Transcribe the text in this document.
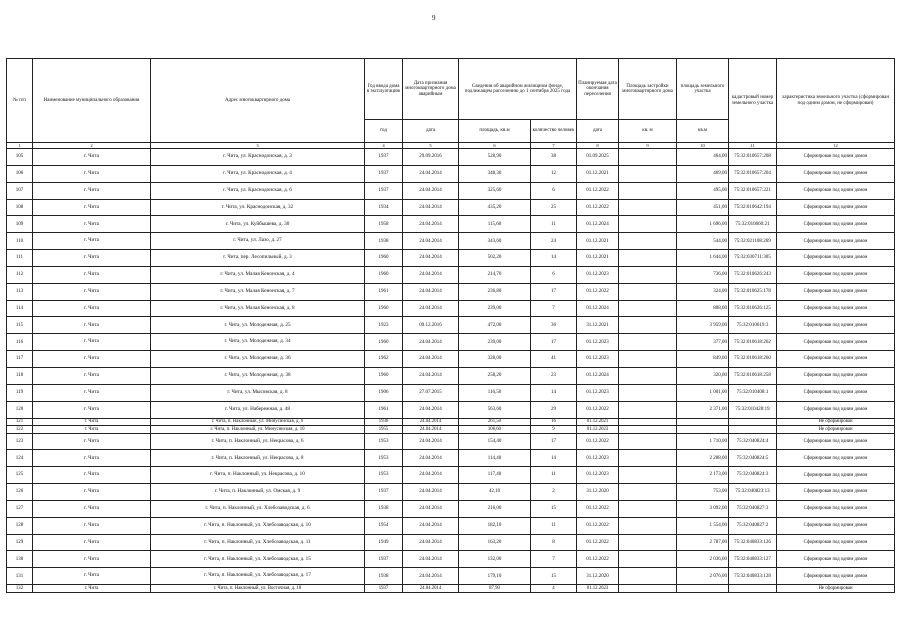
9
№ п/п	Наименование муниципального образования	Адрес многоквартирного дома	Год ввода дома в эксплуатацию	Дата признания многоквартирного дома аварийным	Сведения об аварийном жилищном фонде, подлежащем расселению до 1 сентября 2025 года		Планируемая дата окончания переселения	Площадь застройки многоквартирного дома	площадь земельного участка	кадастровый номер земельного участка	характеристика земельного участка (сформирован под одним домом, не сформирован)
			год	дата	площадь, кв.м	количество человек	дата	кв. м	кв.м		
1	2	3	4	5	6	7	8	9	10	11	12
105	г. Чита	г. Чита, ул. Краснодонская, д. 3	1937	29.09.2016	528,90	38	01.09.2025		464,00	75:32:010657:208	Сформирован под одним домом
106	г. Чита	г. Чита, ул. Краснодонская, д. 4	1937	24.04.2014	348,30	12	01.12.2021		469,00	75:32:010657:204	Сформирован под одним домом
107	г. Чита	г. Чита, ул. Краснодонская, д. 6	1937	24.04.2014	325,60	6	01.12.2022		495,00	75:32:010657:221	Сформирован под одним домом
108	г. Чита	г. Чита, ул. Краснодонская, д. 32	1934	24.04.2014	435,20	25	01.12.2022		451,00	75:32:010642:194	Сформирован под одним домом
109	г. Чита	г. Чита, ул. Куйбышева, д. 30	1958	24.04.2014	115,60	11	01.12.2024		1 696,00	75:32:010660:21	Сформирован под одним домом
110	г. Чита	г. Чита, ул. Лазо, д. 27	1938	24.04.2014	343,60	24	01.12.2021		544,00	75:32:021108:269	Сформирован под одним домом
111	г. Чита	г. Чита, пер. Лесопильный, д. 3	1960	24.04.2014	502,20	14	01.12.2021		1 644,00	75:32:030711:305	Сформирован под одним домом
112	г. Чита	г. Чита, ул. Малая Кенонская, д. 4	1960	24.04.2014	214,70	6	01.12.2023		736,00	75:32:010626:243	Сформирован под одним домом
113	г. Чита	г. Чита, ул. Малая Кенонская, д. 7	1961	24.04.2014	236,80	17	01.12.2022		324,00	75:32:010625:178	Сформирован под одним домом
114	г. Чита	г. Чита, ул. Малая Кенонская, д. 8	1960	24.04.2014	239,00	7	01.12.2024		808,00	75:32:010626:125	Сформирован под одним домом
115	г. Чита	г. Чита, ул. Молодежная, д. 25	1923	09.12.2016	472,00	36	31.12.2021		3 959,00	75:32:010619:3	Сформирован под одним домом
116	г. Чита	г. Чита, ул. Молодежная, д. 34	1960	24.04.2014	239,00	17	01.12.2023		377,00	75:32:010618:262	Сформирован под одним домом
117	г. Чита	г. Чита, ул. Молодежная, д. 36	1962	24.04.2014	328,00	41	01.12.2023		849,00	75:32:010618:260	Сформирован под одним домом
118	г. Чита	г. Чита, ул. Молодежная, д. 38	1960	24.04.2014	258,20	23	01.12.2024		320,00	75:32:010618:258	Сформирован под одним домом
119	г. Чита	г. Чита, ул. Мысовская, д. 8	1906	27.07.2015	116,50	14	01.12.2023		1 001,00	75:32:010408:1	Сформирован под одним домом
120	г. Чита	г. Чита, ул. Набережная, д. 48	1961	24.04.2014	563,60	29	01.12.2022		2 371,00	75:32:010428:19	Сформирован под одним домом
121	г. Чита	г. Чита, п. Наклонный, ул. Минусинская, д. 6	1936	24.04.2014	261,50	16	01.12.2021				Не сформирован
122	г. Чита	г. Чита, п. Наклонный, ул. Минусинская, д. 10	1955	24.04.2014	106,60	9	01.12.2023				Не сформирован
123	г. Чита	г. Чита, п. Наклонный, ул. Некрасова, д. 6	1953	24.04.2014	154,40	17	01.12.2022		1 710,00	75:32:040824:4	Сформирован под одним домом
124	г. Чита	г. Чита, п. Наклонный, ул. Некрасова, д. 8	1953	24.04.2014	114,40	14	01.12.2023		2 288,00	75:32:040824:5	Сформирован под одним домом
125	г. Чита	г. Чита, п. Наклонный, ул. Некрасова, д. 10	1953	24.04.2014	117,40	11	01.12.2023		2 173,00	75:32:040824:3	Сформирован под одним домом
126	г. Чита	г. Чита, п. Наклонный, ул. Омская, д. 9	1937	24.04.2014	42,10	2	31.12.2020		753,00	75:32:040823:13	Сформирован под одним домом
127	г. Чита	г. Чита, п. Наклонный, ул. Хлебозаводская, д. 6	1938	24.04.2014	216,00	15	01.12.2022		3 092,00	75:32:040827:3	Сформирован под одним домом
128	г. Чита	г. Чита, п. Наклонный, ул. Хлебозаводская, д. 10	1954	24.04.2014	182,10	11	01.12.2022		1 554,00	75:32:040827:2	Сформирован под одним домом
129	г. Чита	г. Чита, п. Наклонный, ул. Хлебозаводская, д. 11	1949	24.04.2014	163,20	8	01.12.2022		2 787,00	75:32:040833:126	Сформирован под одним домом
130	г. Чита	г. Чита, п. Наклонный, ул. Хлебозаводская, д. 15	1937	24.04.2014	132,00	7	01.12.2022		2 036,00	75:32:040833:127	Сформирован под одним домом
131	г. Чита	г. Чита, п. Наклонный, ул. Хлебозаводская, д. 17	1938	24.04.2014	179,10	15	31.12.2020		2 076,00	75:32:040833:128	Сформирован под одним домом
132	г. Чита	г. Чита, п. Наклонный, ул. Восточная, д. 18	1937	24.04.2014	87,90	4	01.12.2023				Не сформирован
